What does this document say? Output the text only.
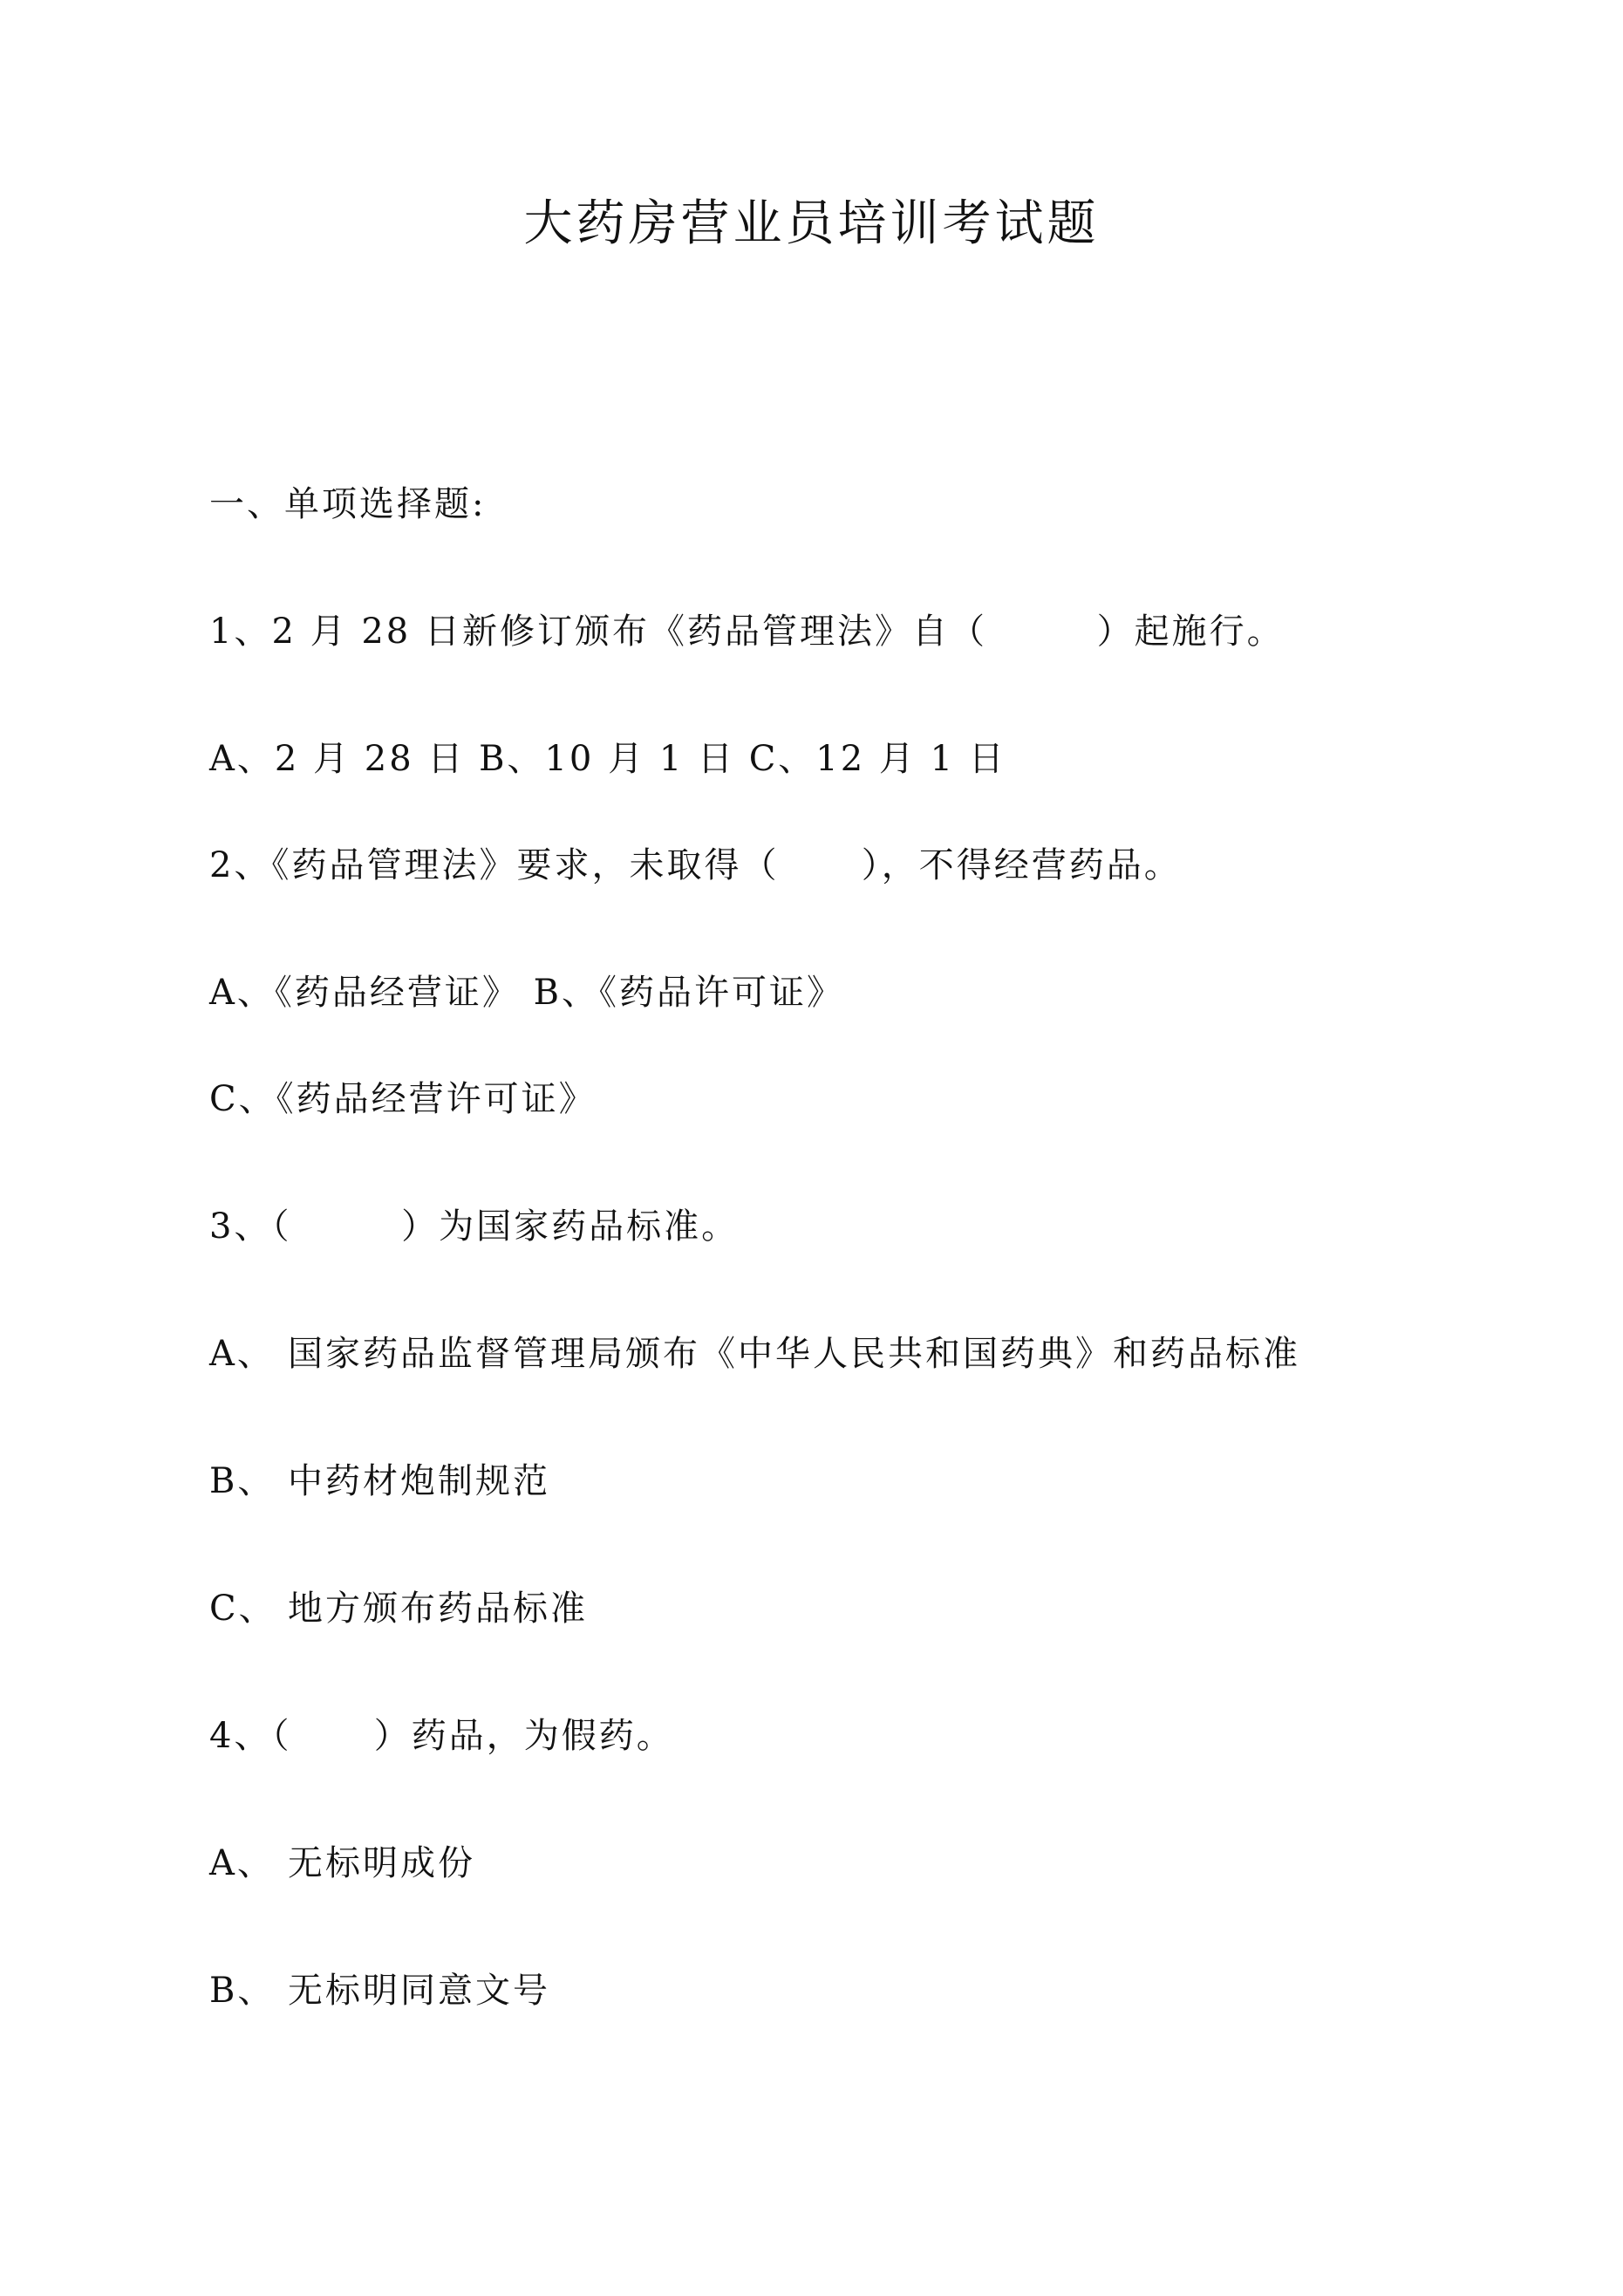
大药房营业员培训考试题
一、单项选择题:
1、2 月 28 日新修订颁布《药品管理法》自（        ）起施行。
A、2 月 28 日 B、10 月 1 日 C、12 月 1 日
2、《药品管理法》要求，未取得（      ），不得经营药品。
A、《药品经营证》 B、《药品许可证》
C、《药品经营许可证》
3、（        ）为国家药品标准。
A、 国家药品监督管理局颁布《中华人民共和国药典》和药品标准
B、 中药材炮制规范
C、 地方颁布药品标准
4、（      ）药品，为假药。
A、 无标明成份
B、 无标明同意文号
